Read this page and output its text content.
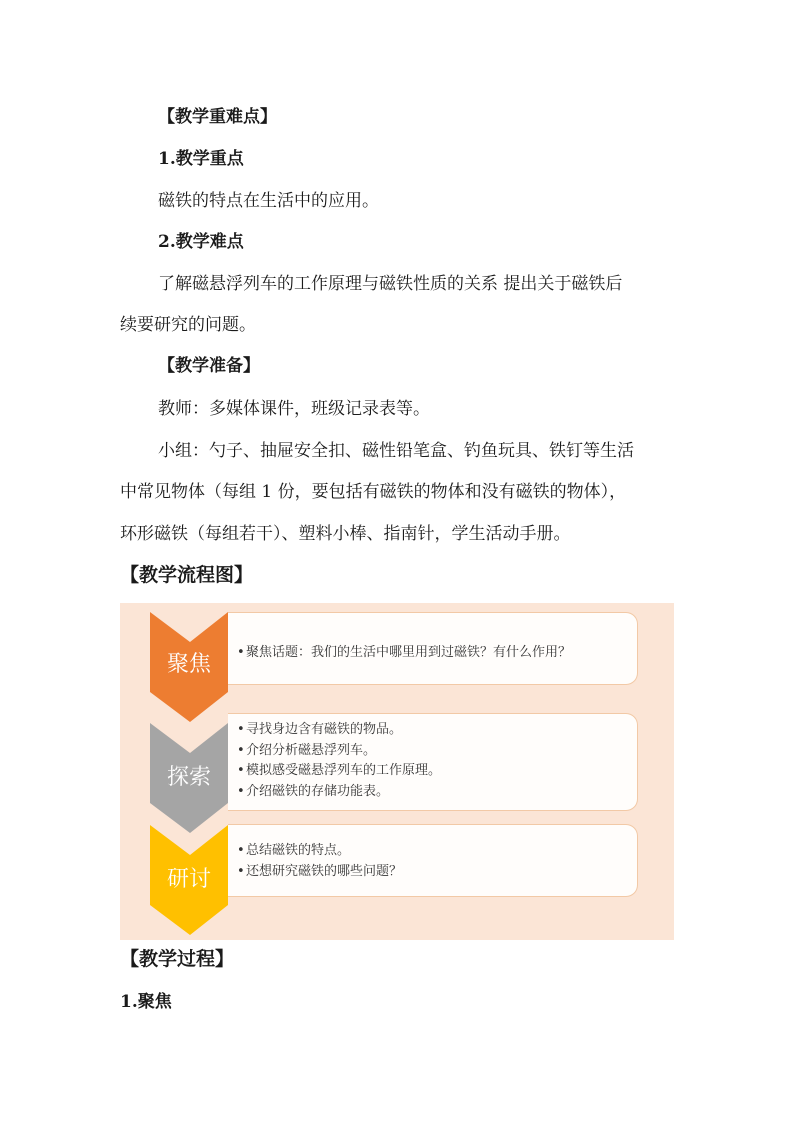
【教学重难点】
1.教学重点
磁铁的特点在生活中的应用。
2.教学难点
了解磁悬浮列车的工作原理与磁铁性质的关系 提出关于磁铁后
续要研究的问题。
【教学准备】
教师：多媒体课件，班级记录表等。
小组：勺子、抽屉安全扣、磁性铅笔盒、钓鱼玩具、铁钉等生活
中常见物体（每组 1 份，要包括有磁铁的物体和没有磁铁的物体），
环形磁铁（每组若干）、塑料小棒、指南针，学生活动手册。
【教学流程图】
聚焦
探索
研讨
• 聚焦话题：我们的生活中哪里用到过磁铁？有什么作用？
• 寻找身边含有磁铁的物品。
• 介绍分析磁悬浮列车。
• 模拟感受磁悬浮列车的工作原理。
• 介绍磁铁的存储功能表。
• 总结磁铁的特点。
• 还想研究磁铁的哪些问题？
【教学过程】
1.聚焦
